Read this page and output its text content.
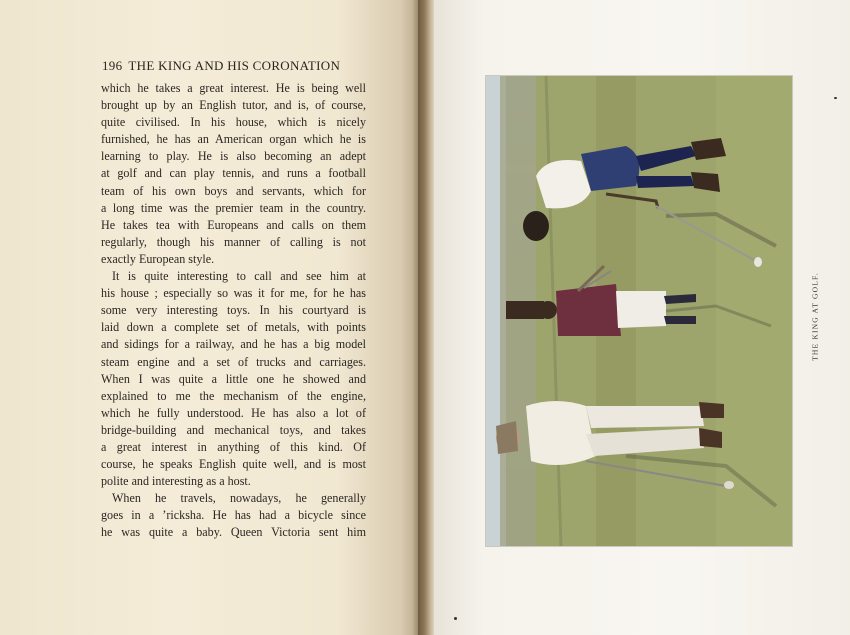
196 THE KING AND HIS CORONATION

which he takes a great interest. He is being well
brought up by an English tutor, and is, of course,
quite civilised. In his house, which is nicely
furnished, he has an American organ which he is
learning to play. He is also becoming an adept
at golf and can play tennis, and runs a football
team of his own boys and servants, which for
a long time was the premier team in the country.
He takes tea with Europeans and calls on them
regularly, though his manner of calling is not
exactly European style.

It is quite interesting to call and see him at
his house ; especially so was it for me, for he has
some very interesting toys. In his courtyard is
laid down a complete set of metals, with points
and sidings for a railway, and he has a big model
steam engine and a set of trucks and carriages.
When I was quite a little one he showed and
explained to me the mechanism of the engine,
which he fully understood. He has also a lot of
bridge-building and mechanical toys, and takes
a great interest in anything of this kind. Of
course, he speaks English quite well, and is most
polite and interesting as a host.

When he travels, nowadays, he generally
goes in a ’ricksha. He has had a bicycle since
he was quite a baby. Queen Victoria sent him

THE KING AT GOLF.
